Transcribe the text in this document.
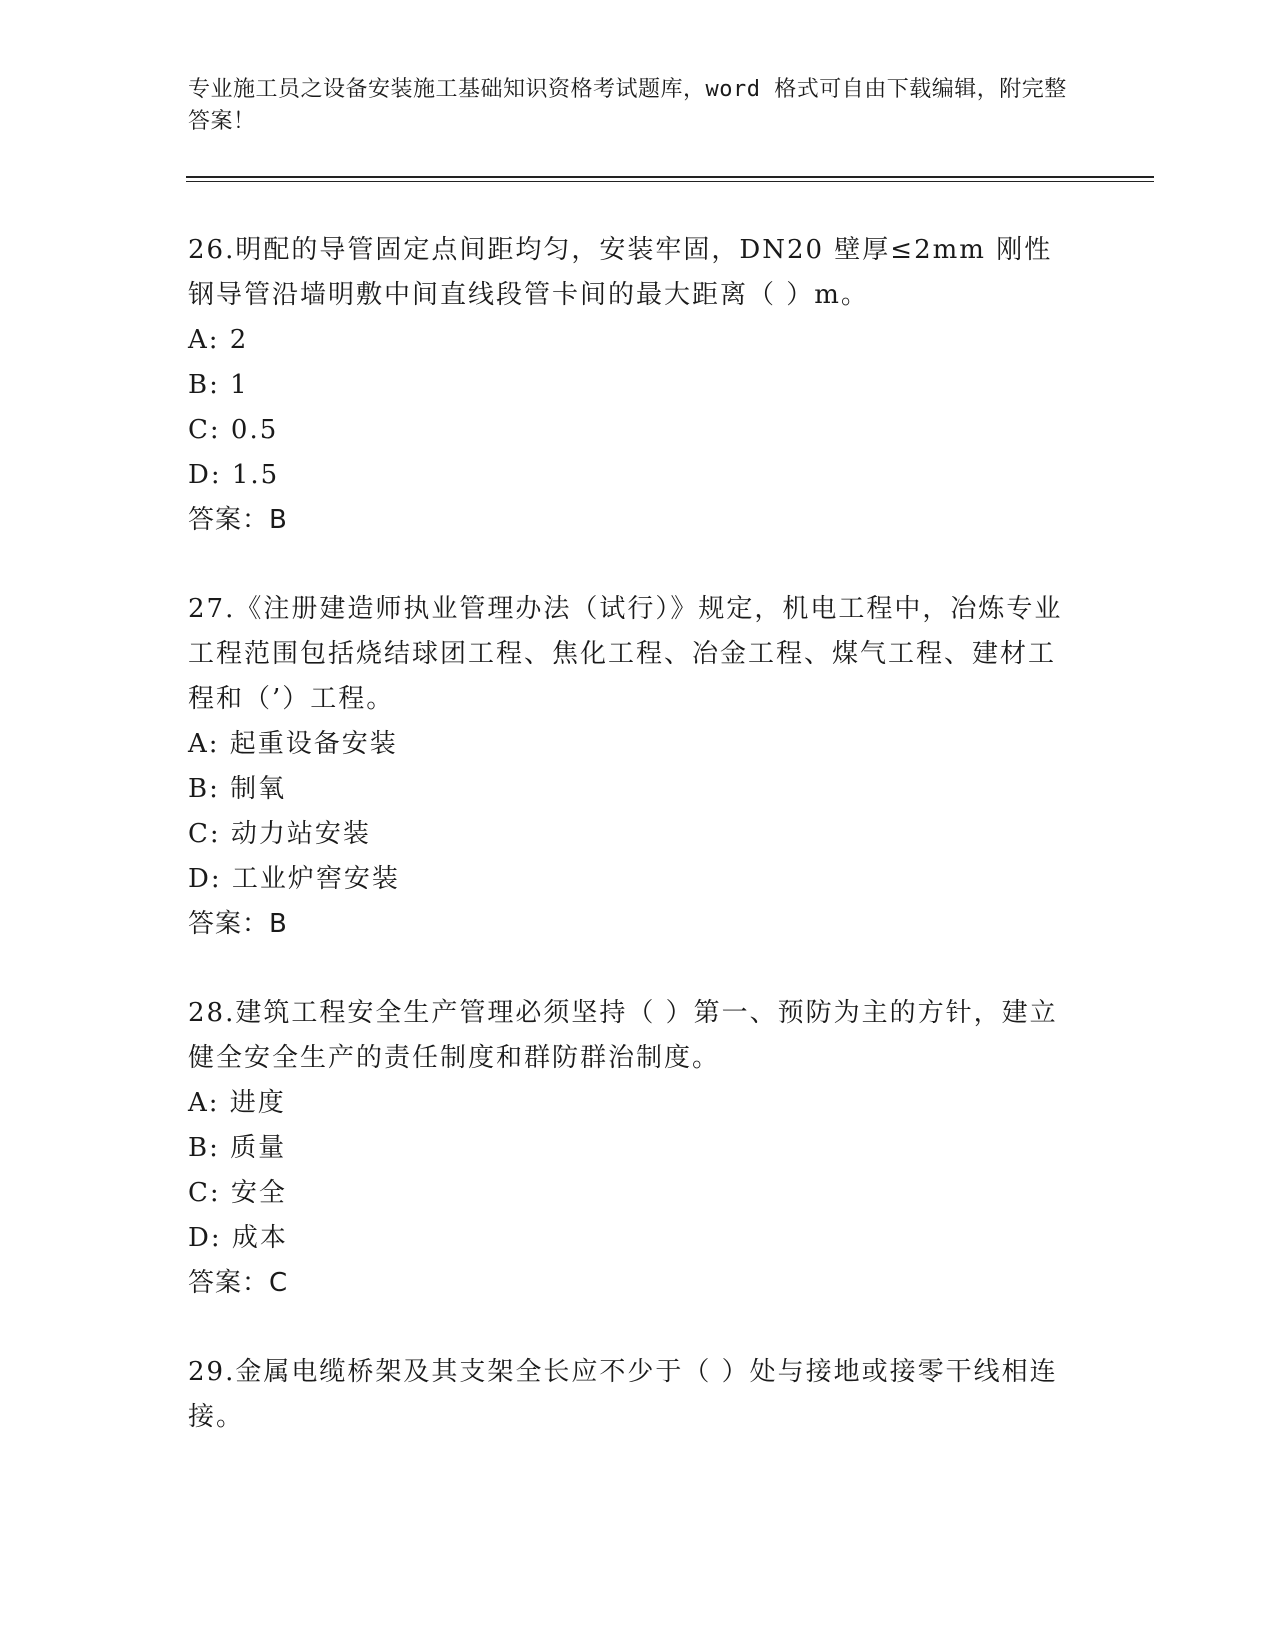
专业施工员之设备安装施工基础知识资格考试题库，word 格式可自由下载编辑，附完整答案！
26.明配的导管固定点间距均匀，安装牢固，DN20 壁厚≤2mm 刚性钢导管沿墙明敷中间直线段管卡间的最大距离（ ）m。
A: 2
B: 1
C: 0.5
D: 1.5
答案：B
27.《注册建造师执业管理办法（试行）》规定，机电工程中，冶炼专业工程范围包括烧结球团工程、焦化工程、冶金工程、煤气工程、建材工程和（’）工程。
A: 起重设备安装
B: 制氧
C: 动力站安装
D: 工业炉窖安装
答案：B
28.建筑工程安全生产管理必须坚持（ ）第一、预防为主的方针，建立健全安全生产的责任制度和群防群治制度。
A: 进度
B: 质量
C: 安全
D: 成本
答案：C
29.金属电缆桥架及其支架全长应不少于（ ）处与接地或接零干线相连接。
